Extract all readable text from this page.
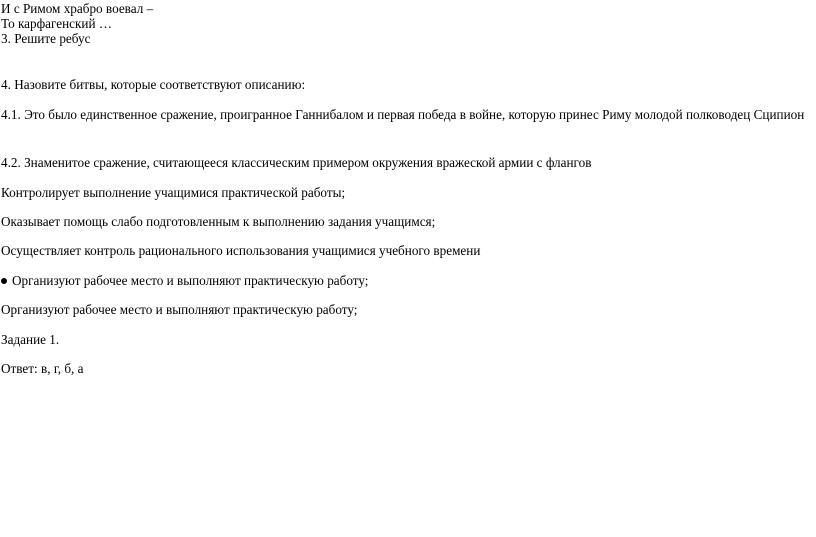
И с Римом храбро воевал –
То карфагенский …
3. Решите ребус
4. Назовите битвы, которые соответствуют описанию:
4.1. Это было единственное сражение, проигранное Ганнибалом и первая победа в войне, которую принес Риму молодой полководец Сципион
4.2. Знаменитое сражение, считающееся классическим примером окружения вражеской армии с флангов
Контролирует выполнение учащимися практической работы;
Оказывает помощь слабо подготовленным к выполнению задания учащимся;
Осуществляет контроль рационального использования учащимися учебного времени
Организуют рабочее место и выполняют практическую работу;
Организуют рабочее место и выполняют практическую работу;
Задание 1.
Ответ: в, г, б, а
